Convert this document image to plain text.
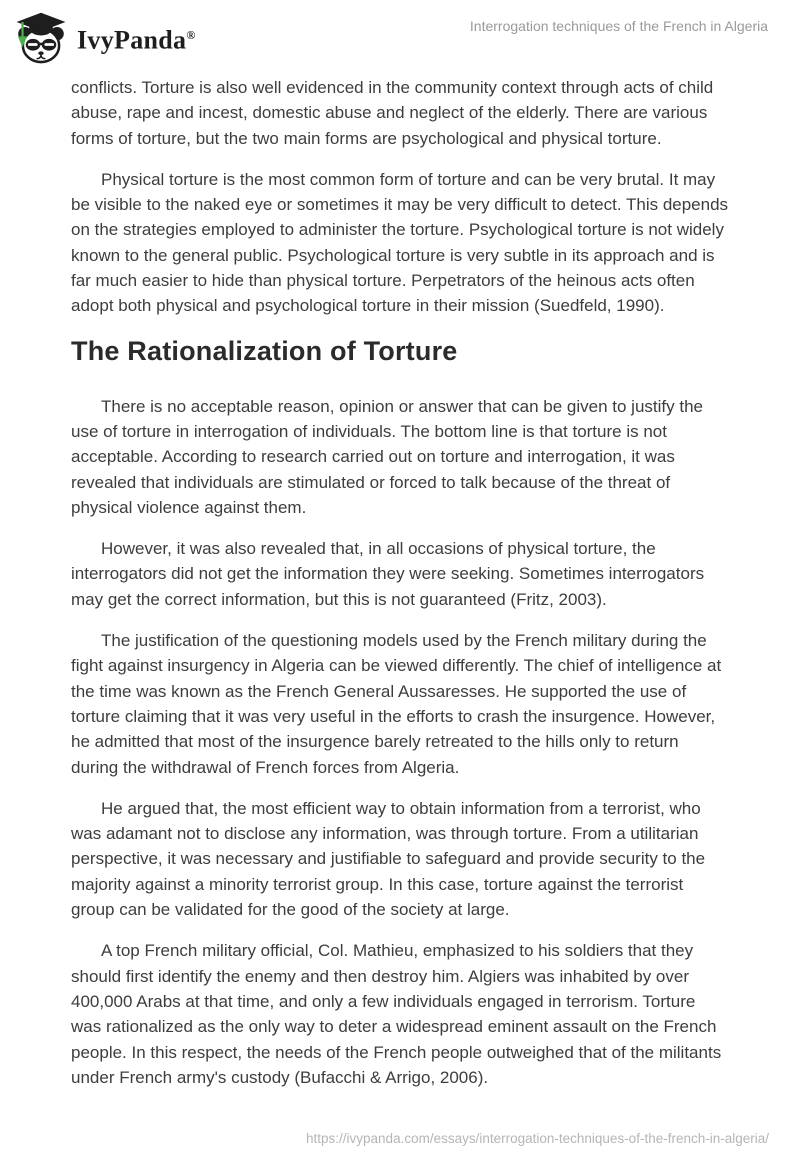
IvyPanda®
Interrogation techniques of the French in Algeria

conflicts. Torture is also well evidenced in the community context through acts of child abuse, rape and incest, domestic abuse and neglect of the elderly. There are various forms of torture, but the two main forms are psychological and physical torture.

Physical torture is the most common form of torture and can be very brutal. It may be visible to the naked eye or sometimes it may be very difficult to detect. This depends on the strategies employed to administer the torture. Psychological torture is not widely known to the general public. Psychological torture is very subtle in its approach and is far much easier to hide than physical torture. Perpetrators of the heinous acts often adopt both physical and psychological torture in their mission (Suedfeld, 1990).

The Rationalization of Torture

There is no acceptable reason, opinion or answer that can be given to justify the use of torture in interrogation of individuals. The bottom line is that torture is not acceptable. According to research carried out on torture and interrogation, it was revealed that individuals are stimulated or forced to talk because of the threat of physical violence against them.

However, it was also revealed that, in all occasions of physical torture, the interrogators did not get the information they were seeking. Sometimes interrogators may get the correct information, but this is not guaranteed (Fritz, 2003).

The justification of the questioning models used by the French military during the fight against insurgency in Algeria can be viewed differently. The chief of intelligence at the time was known as the French General Aussaresses. He supported the use of torture claiming that it was very useful in the efforts to crash the insurgence. However, he admitted that most of the insurgence barely retreated to the hills only to return during the withdrawal of French forces from Algeria.

He argued that, the most efficient way to obtain information from a terrorist, who was adamant not to disclose any information, was through torture. From a utilitarian perspective, it was necessary and justifiable to safeguard and provide security to the majority against a minority terrorist group. In this case, torture against the terrorist group can be validated for the good of the society at large.

A top French military official, Col. Mathieu, emphasized to his soldiers that they should first identify the enemy and then destroy him. Algiers was inhabited by over 400,000 Arabs at that time, and only a few individuals engaged in terrorism. Torture was rationalized as the only way to deter a widespread eminent assault on the French people. In this respect, the needs of the French people outweighed that of the militants under French army's custody (Bufacchi & Arrigo, 2006).

https://ivypanda.com/essays/interrogation-techniques-of-the-french-in-algeria/
